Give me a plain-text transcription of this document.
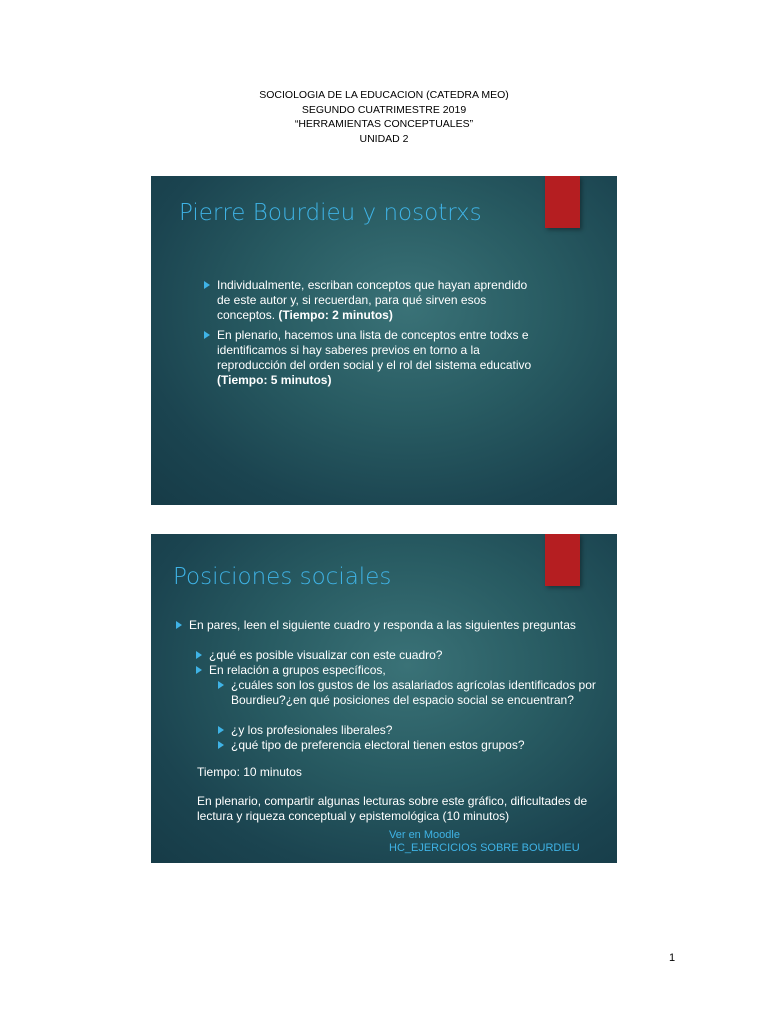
SOCIOLOGIA DE LA EDUCACION (CATEDRA MEO)
SEGUNDO CUATRIMESTRE 2019
“HERRAMIENTAS CONCEPTUALES”
UNIDAD 2
Pierre Bourdieu y nosotrxs
Individualmente, escriban conceptos que hayan aprendido de este autor y, si recuerdan, para qué sirven esos conceptos. (Tiempo: 2 minutos)
En plenario, hacemos una lista de conceptos entre todxs e identificamos si hay saberes previos en torno a la reproducción del orden social y el rol del sistema educativo (Tiempo: 5 minutos)
Posiciones sociales
En pares, leen el siguiente cuadro y responda a las siguientes preguntas
¿qué es posible visualizar con este cuadro?
En relación a grupos específicos,
¿cuáles son los gustos de los asalariados agrícolas identificados por Bourdieu?¿en qué posiciones del espacio social se encuentran?
¿y los profesionales liberales?
¿qué tipo de preferencia electoral tienen estos grupos?
Tiempo: 10 minutos
En plenario, compartir algunas lecturas sobre este gráfico, dificultades de lectura y riqueza conceptual y epistemológica (10 minutos)
Ver en Moodle
HC_EJERCICIOS SOBRE BOURDIEU
1
